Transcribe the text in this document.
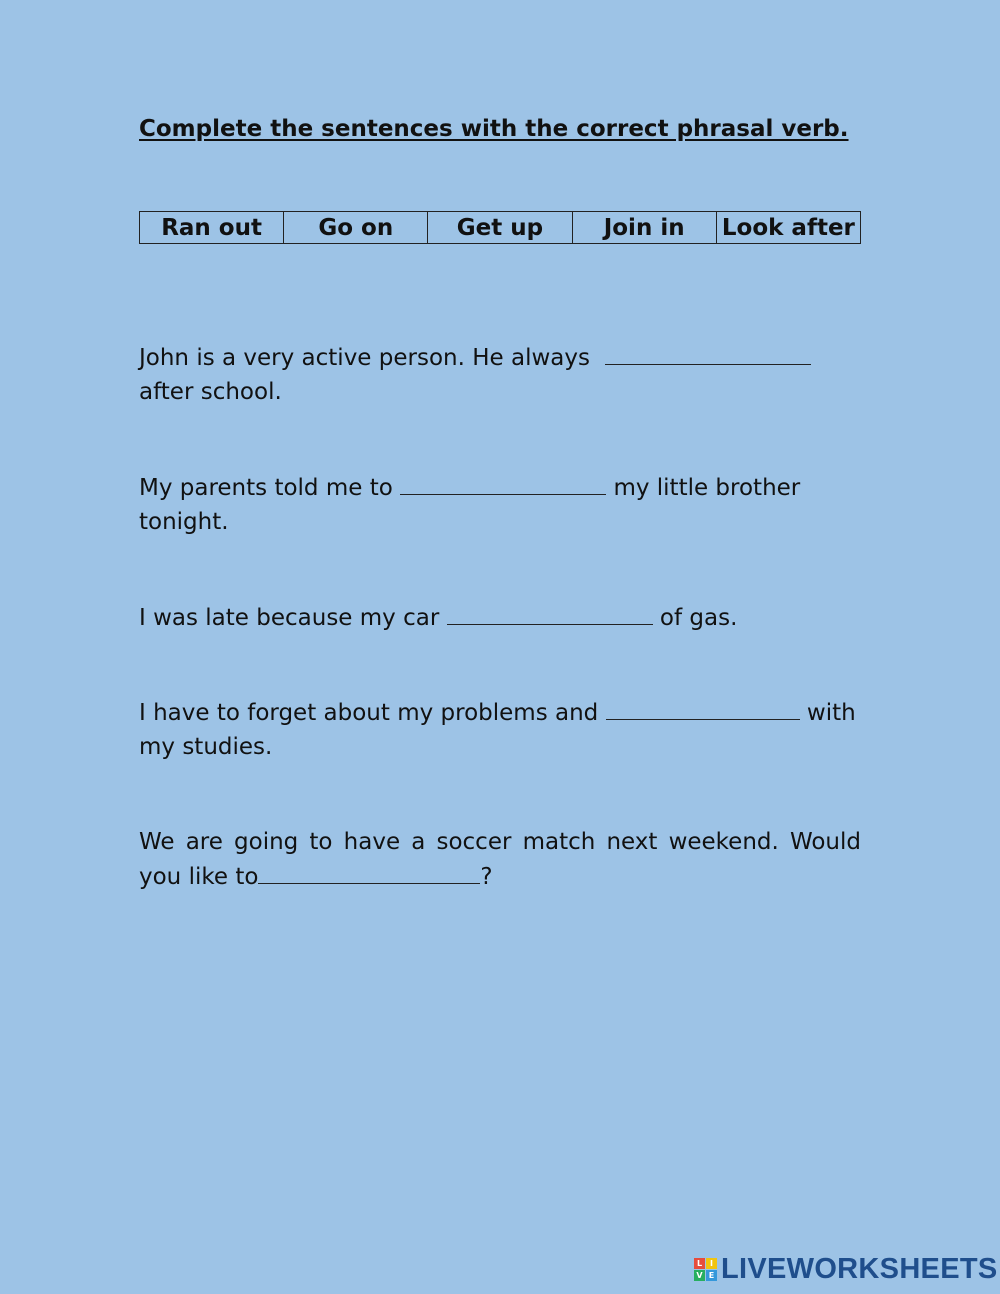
Complete the sentences with the correct phrasal verb.
Ran out	Go on	Get up	Join in	Look after

John is a very active person. He always   after school.

My parents told me to	my little brother tonight.

I was late because my car	of gas.

I have to forget about my problems and	with my studies.

We are going to have a soccer match next weekend. Would you like to	?

L I
V E LIVEWORKSHEETS
